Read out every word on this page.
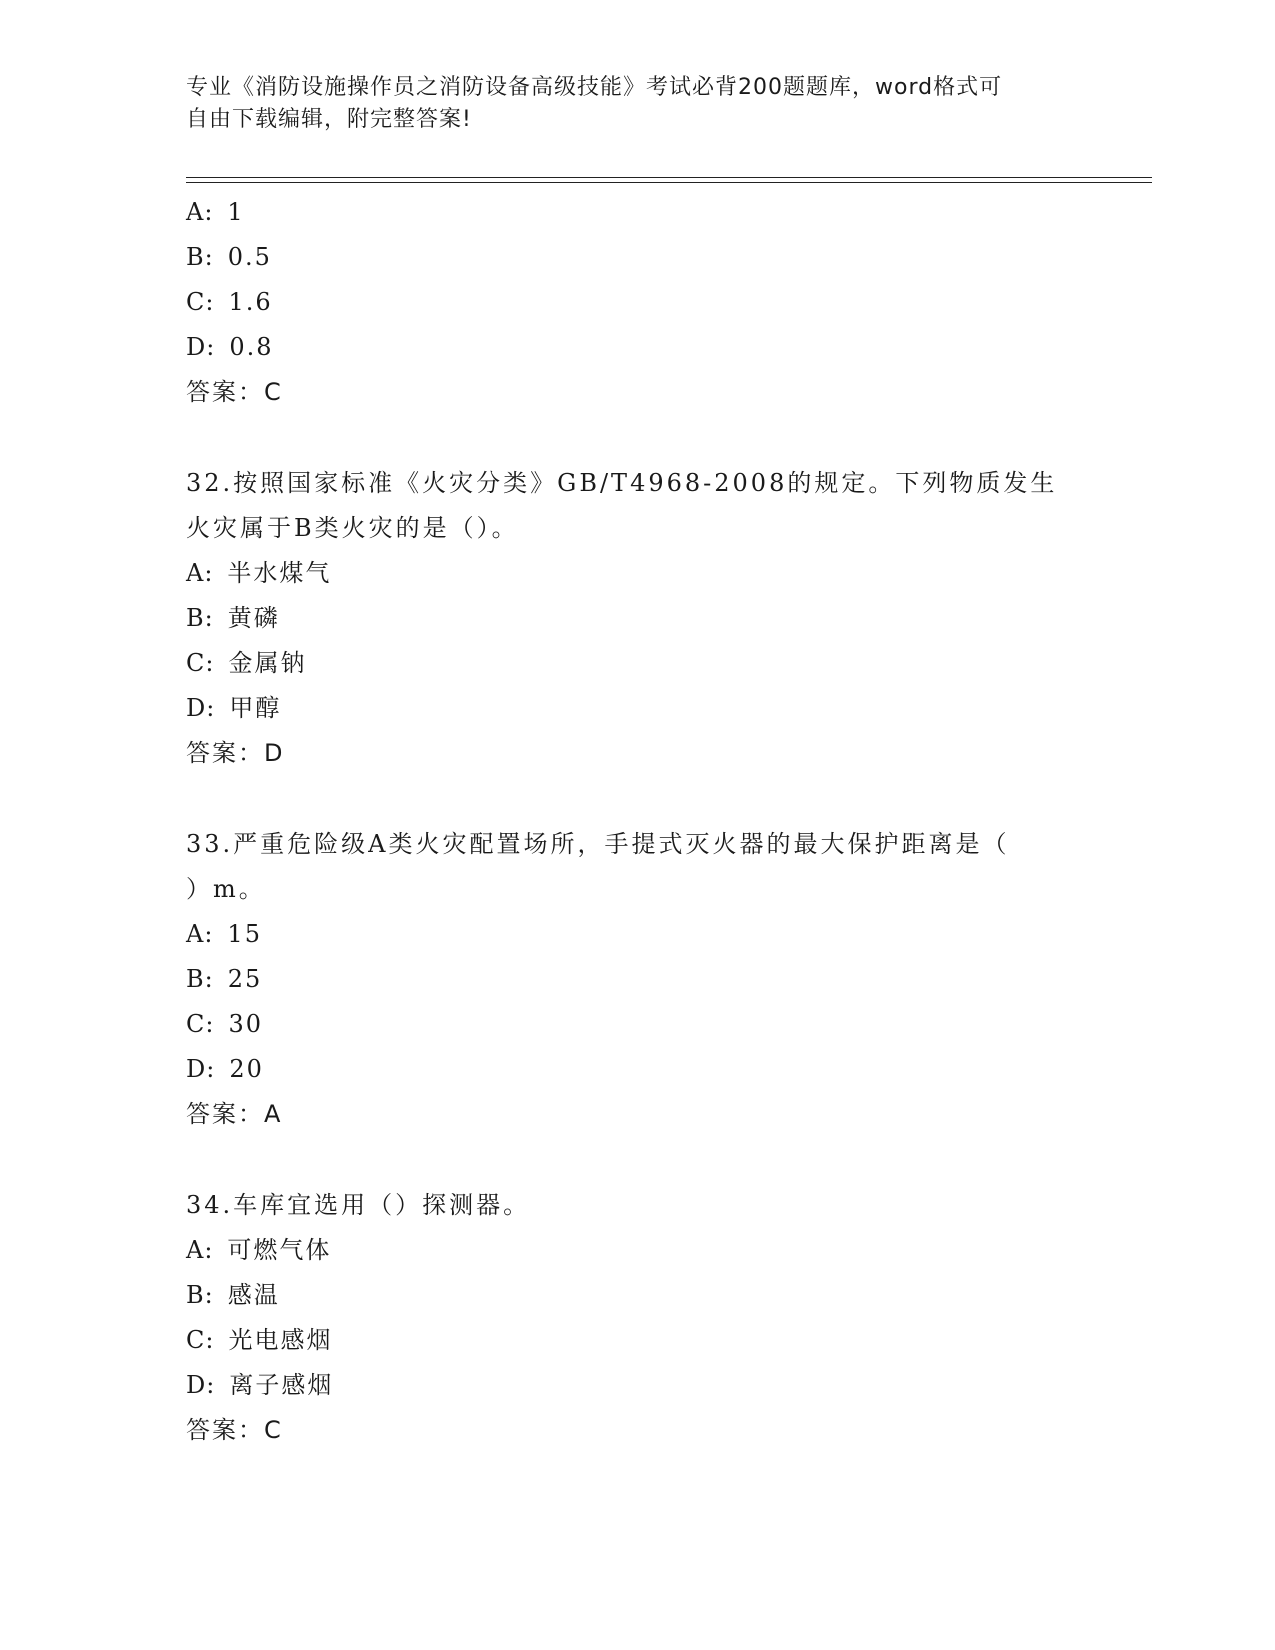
专业《消防设施操作员之消防设备高级技能》考试必背200题题库，word格式可
自由下载编辑，附完整答案!
A: 1
B: 0.5
C: 1.6
D: 0.8
答案：C
32.按照国家标准《火灾分类》GB/T4968-2008的规定。下列物质发生
火灾属于B类火灾的是（）。
A: 半水煤气
B: 黄磷
C: 金属钠
D: 甲醇
答案：D
33.严重危险级A类火灾配置场所，手提式灭火器的最大保护距离是（
）m。
A: 15
B: 25
C: 30
D: 20
答案：A
34.车库宜选用（）探测器。
A: 可燃气体
B: 感温
C: 光电感烟
D: 离子感烟
答案：C
